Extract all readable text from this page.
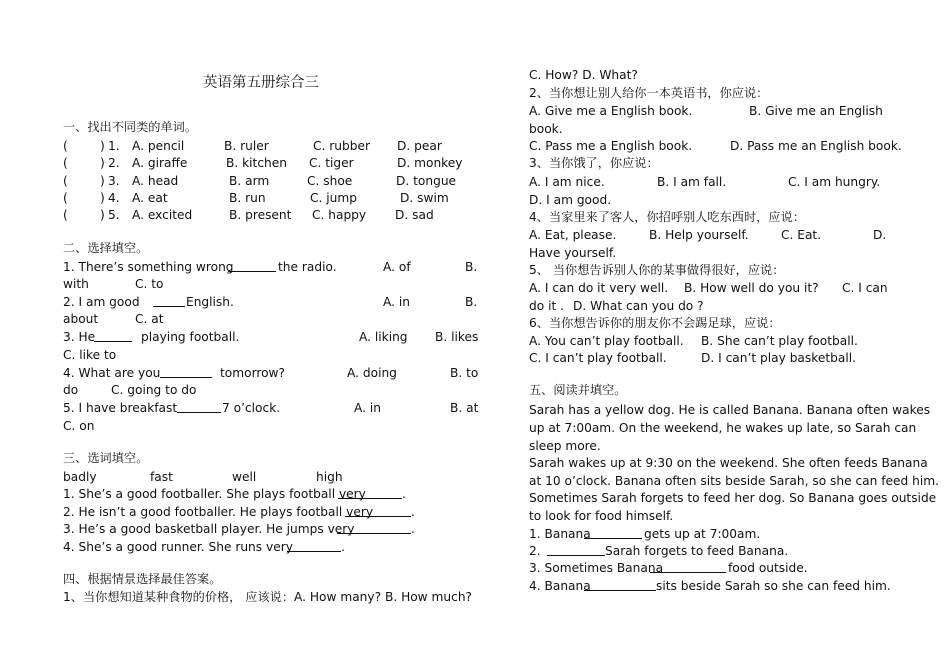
英语第五册综合三
一、找出不同类的单词。
(	) 1. A. pencil	B. ruler	C. rubber D. pear
(	) 2. A. giraffe	B. kitchen C. tiger	D. monkey
(	) 3. A. head	B. arm	C. shoe	D. tongue
(	) 4. A. eat	B. run	C. jump	D. swim
(	) 5. A. excited	B. present C. happy D. sad
二、选择填空。
1. There’s something wrong	the radio.	A. of	B.
with	C. to
2. I am good	English.	A. in	B.
about	C. at
3. He	playing football.	A. liking B. likes
C. like to
4. What are you	tomorrow?	A. doing	B. to
do	C. going to do
5. I have breakfast	7 o’clock.	A. in	B. at
C. on
三、选词填空。
badly	fast	well	high
1. She’s a good footballer. She plays football very	.
2. He isn’t a good footballer. He plays football very	.
3. He’s a good basketball player. He jumps very	.
4. She’s a good runner. She runs very	.
四、根据情景选择最佳答案。
1、当你想知道某种食物的价格， 应该说：A. How many? B. How much?
C. How? D. What?
2、当你想让别人给你一本英语书，你应说：
A. Give me a English book.	B. Give me an English
book.
C. Pass me a English book.	D. Pass me an English book.
3、当你饿了，你应说：
A. I am nice.	B. I am fall.	C. I am hungry.
D. I am good.
4、当家里来了客人，你招呼别人吃东西时，应说：
A. Eat, please.	B. Help yourself.	C. Eat.	D.
Have yourself.
5、 当你想告诉别人你的某事做得很好，应说：
A. I can do it very well. B. How well do you it? C. I can
do it . D. What can you do ?
6、当你想告诉你的朋友你不会踢足球，应说：
A. You can’t play football. B. She can’t play football.
C. I can’t play football.	D. I can’t play basketball.
五、阅读并填空。
Sarah has a yellow dog. He is called Banana. Banana often wakes
up at 7:00am. On the weekend, he wakes up late, so Sarah can
sleep more.
Sarah wakes up at 9:30 on the weekend. She often feeds Banana
at 10 o’clock. Banana often sits beside Sarah, so she can feed him.
Sometimes Sarah forgets to feed her dog. So Banana goes outside
to look for food himself.
1. Banana	gets up at 7:00am.
2.	Sarah forgets to feed Banana.
3. Sometimes Banana	food outside.
4. Banana	sits beside Sarah so she can feed him.
